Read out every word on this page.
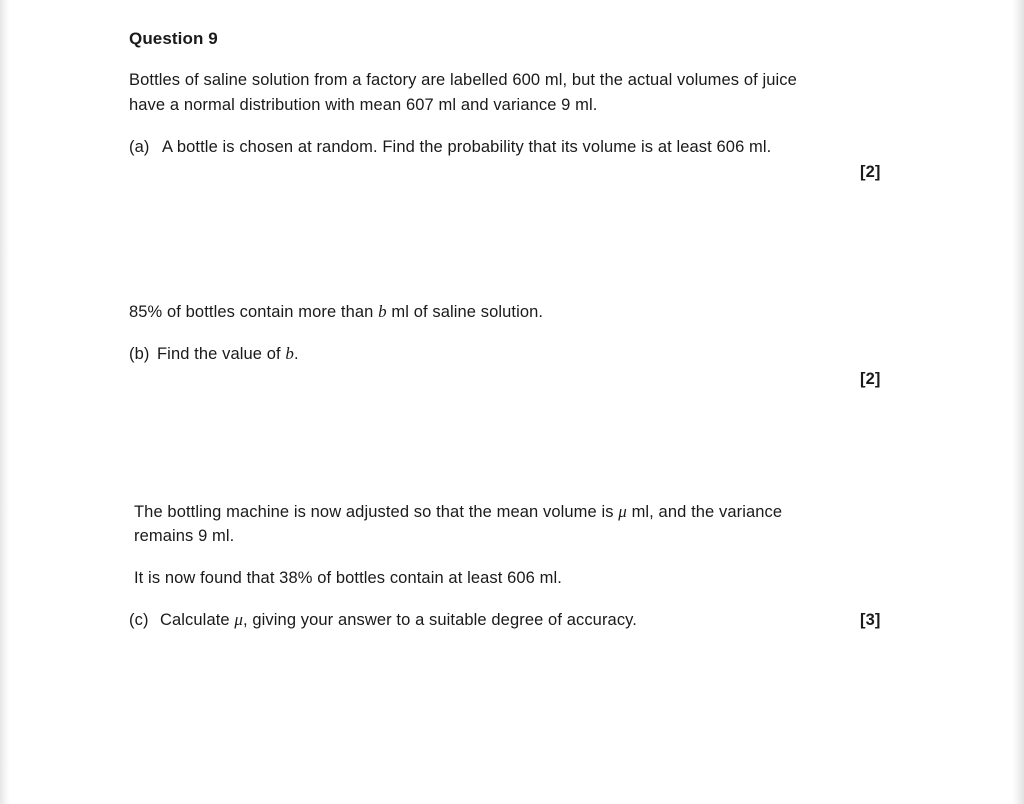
Question 9
Bottles of saline solution from a factory are labelled 600 ml, but the actual volumes of juice
have a normal distribution with mean 607 ml and variance 9 ml.
(a) A bottle is chosen at random. Find the probability that its volume is at least 606 ml.
[2]
85% of bottles contain more than b ml of saline solution.
(b) Find the value of b.
[2]
The bottling machine is now adjusted so that the mean volume is μ ml, and the variance
remains 9 ml.
It is now found that 38% of bottles contain at least 606 ml.
(c) Calculate μ, giving your answer to a suitable degree of accuracy.	[3]
